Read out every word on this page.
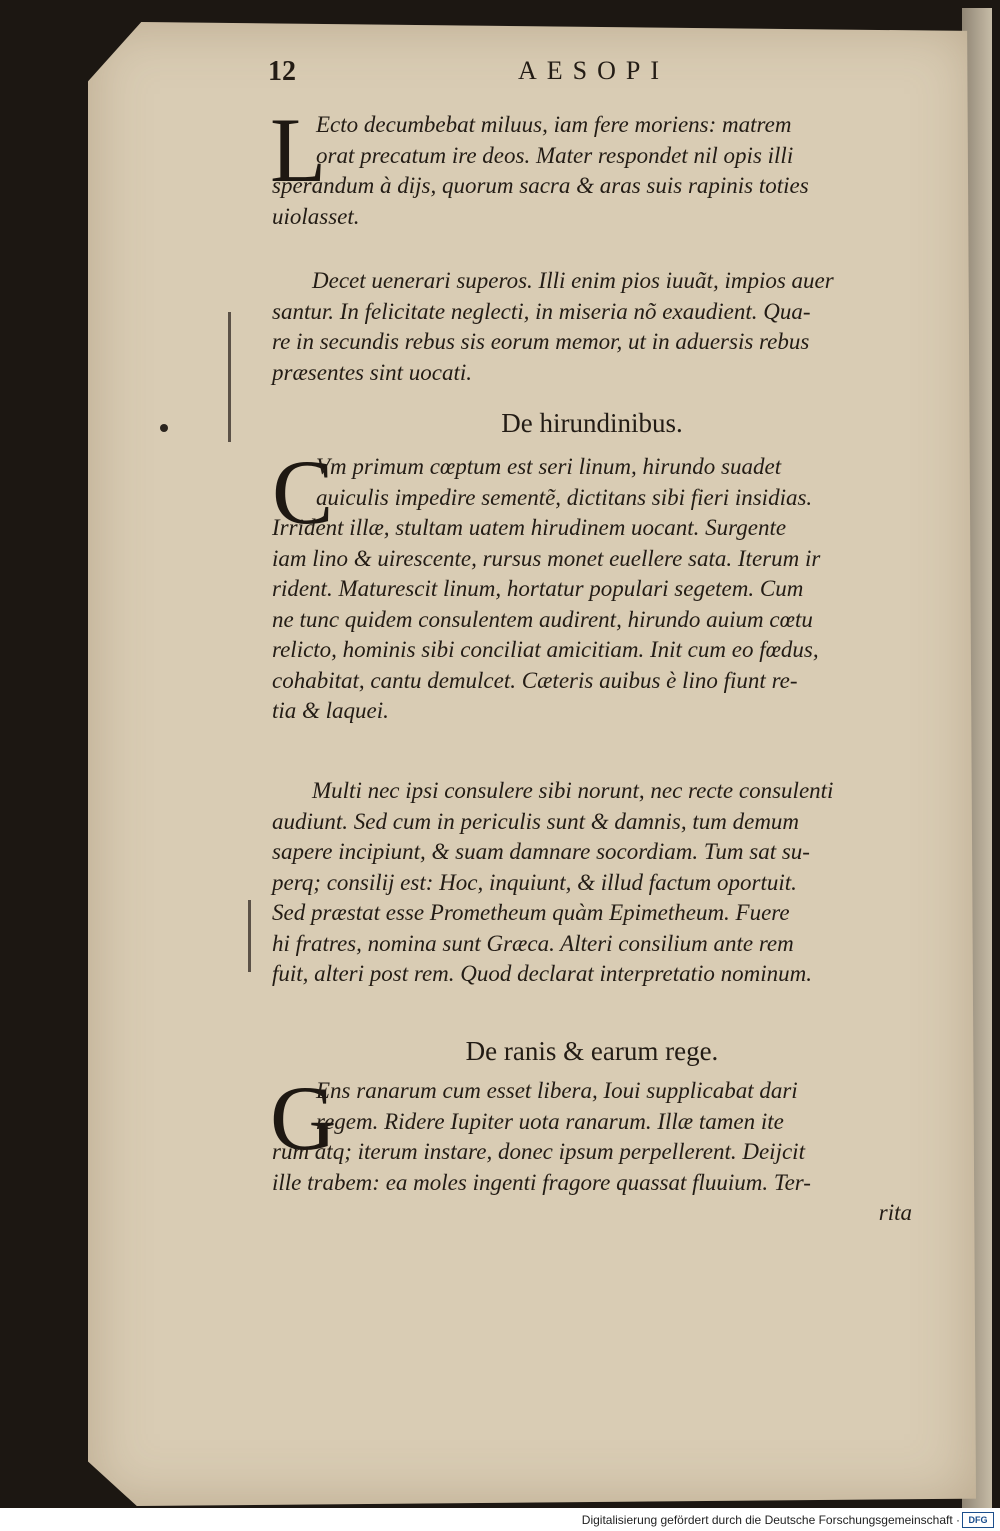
12	AESOPI
L
Ecto decumbebat miluus, iam fere moriens: matrem
orat precatum ire deos. Mater respondet nil opis illi
sperandum à dijs, quorum sacra & aras suis rapinis toties
uiolasset.
Decet uenerari superos. Illi enim pios iuuãt, impios auer
santur. In felicitate neglecti, in miseria nõ exaudient. Qua-
re in secundis rebus sis eorum memor, ut in aduersis rebus
præsentes sint uocati.
De hirundinibus.
C
Vm primum cœptum est seri linum, hirundo suadet
auiculis impedire sementẽ, dictitans sibi fieri insidias.
Irrident illæ, stultam uatem hirudinem uocant. Surgente
iam lino & uirescente, rursus monet euellere sata. Iterum ir
rident. Maturescit linum, hortatur populari segetem. Cum
ne tunc quidem consulentem audirent, hirundo auium cœtu
relicto, hominis sibi conciliat amicitiam. Init cum eo fœdus,
cohabitat, cantu demulcet. Cæteris auibus è lino fiunt re-
tia & laquei.
Multi nec ipsi consulere sibi norunt, nec recte consulenti
audiunt. Sed cum in periculis sunt & damnis, tum demum
sapere incipiunt, & suam damnare socordiam. Tum sat su-
perq; consilij est: Hoc, inquiunt, & illud factum oportuit.
Sed præstat esse Prometheum quàm Epimetheum. Fuere
hi fratres, nomina sunt Græca. Alteri consilium ante rem
fuit, alteri post rem. Quod declarat interpretatio nominum.
De ranis & earum rege.
G
Ens ranarum cum esset libera, Ioui supplicabat dari
regem. Ridere Iupiter uota ranarum. Illæ tamen ite
rum atq; iterum instare, donec ipsum perpellerent. Deijcit
ille trabem: ea moles ingenti fragore quassat fluuium. Ter-
rita
Digitalisierung gefördert durch die Deutsche Forschungsgemeinschaft · DFG
